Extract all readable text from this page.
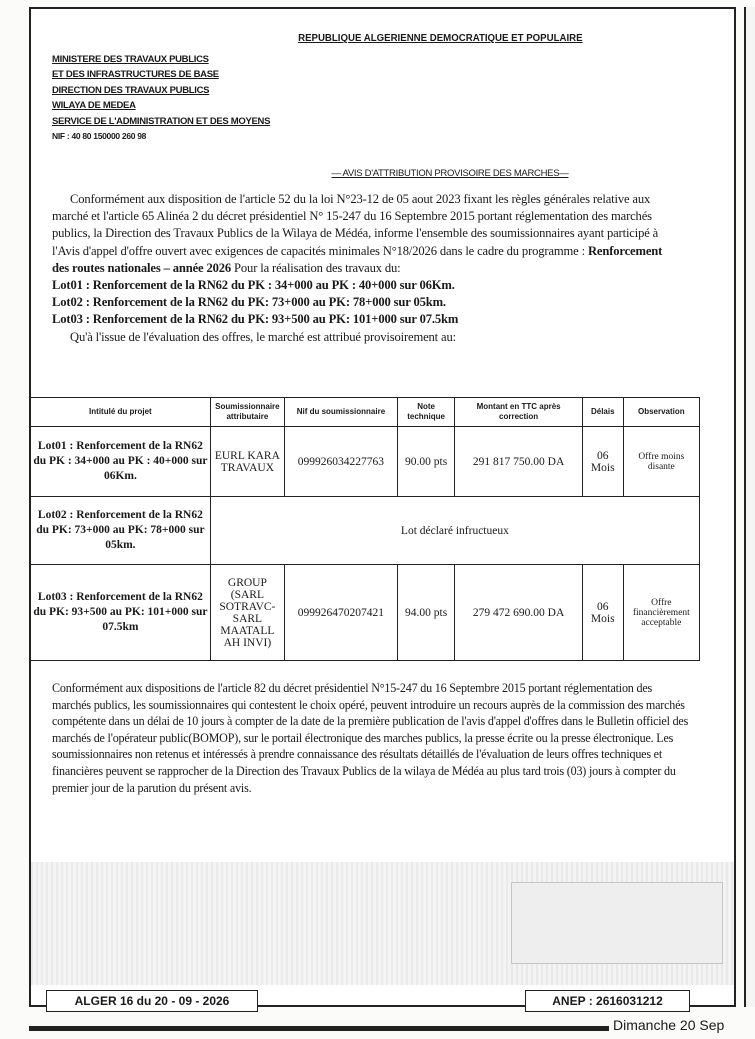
REPUBLIQUE ALGERIENNE DEMOCRATIQUE ET POPULAIRE
MINISTERE DES TRAVAUX PUBLICS
ET DES INFRASTRUCTURES DE BASE
DIRECTION DES TRAVAUX PUBLICS
WILAYA DE MEDEA
SERVICE DE L'ADMINISTRATION ET DES MOYENS
NIF : 40 80 150000 260 98
— AVIS D'ATTRIBUTION PROVISOIRE DES MARCHES—

Conformément aux disposition de l'article 52 du la loi N°23-12 de 05 aout 2023 fixant les règles générales relative aux marché et l'article 65 Alinéa 2 du décret présidentiel N° 15-247 du 16 Septembre 2015 portant réglementation des marchés publics, la Direction des Travaux Publics de la Wilaya de Médéa, informe l'ensemble des soumissionnaires ayant participé à l'Avis d'appel d'offre ouvert avec exigences de capacités minimales N°18/2026 dans le cadre du programme : Renforcement des routes nationales – année 2026 Pour la réalisation des travaux du:

Lot01 : Renforcement de la RN62 du PK : 34+000 au PK : 40+000 sur 06Km.

Lot02 : Renforcement de la RN62 du PK: 73+000 au PK: 78+000 sur 05km.

Lot03 : Renforcement de la RN62 du PK: 93+500 au PK: 101+000 sur 07.5km

Qu'à l'issue de l'évaluation des offres, le marché est attribué provisoirement au:

Intitulé du projet	Soumissionnaire attributaire	Nif du soumissionnaire	Note technique	Montant en TTC après correction	Délais	Observation
Lot01 : Renforcement de la RN62 du PK : 34+000 au PK : 40+000 sur 06Km.	EURL KARA TRAVAUX	099926034227763	90.00 pts	291 817 750.00 DA	06 Mois	Offre moins disante
Lot02 : Renforcement de la RN62 du PK: 73+000 au PK: 78+000 sur 05km.	Lot déclaré infructueux					
Lot03 : Renforcement de la RN62 du PK: 93+500 au PK: 101+000 sur 07.5km	GROUP (SARL SOTRAVC- SARL MAATALL AH INVI)	099926470207421	94.00 pts	279 472 690.00 DA	06 Mois	Offre financièrement acceptable
Conformément aux dispositions de l'article 82 du décret présidentiel N°15-247 du 16 Septembre 2015 portant réglementation des marchés publics, les soumissionnaires qui contestent le choix opéré, peuvent introduire un recours auprès de la commission des marchés compétente dans un délai de 10 jours à compter de la date de la première publication de l'avis d'appel d'offres dans le Bulletin officiel des marchés de l'opérateur public(BOMOP), sur le portail électronique des marches publics, la presse écrite ou la presse électronique. Les soumissionnaires non retenus et intéressés à prendre connaissance des résultats détaillés de l'évaluation de leurs offres techniques et financières peuvent se rapprocher de la Direction des Travaux Publics de la wilaya de Médéa au plus tard trois (03) jours à compter du premier jour de la parution du présent avis.
ALGER 16 du 20 - 09 - 2026	ANEP : 2616031212
Dimanche 20 Sep
